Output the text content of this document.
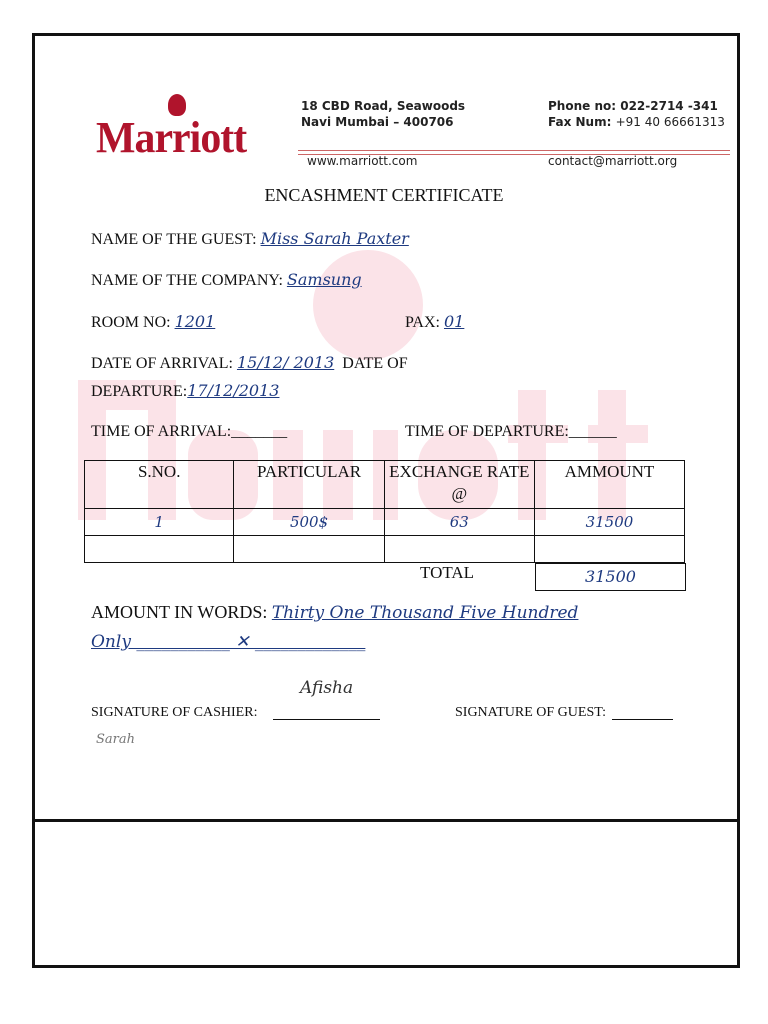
Marriott
18 CBD Road, Seawoods
Navi Mumbai – 400706
Phone no: 022-2714 -341
Fax Num: +91 40 66661313
www.marriott.com	contact@marriott.org
ENCASHMENT CERTIFICATE
NAME OF THE GUEST: Miss Sarah Paxter
NAME OF THE COMPANY: Samsung
ROOM NO: 1201	PAX: 01
DATE OF ARRIVAL: 15/12/ 2013 DATE OF
DEPARTURE:17/12/2013
TIME OF ARRIVAL:_______	TIME OF DEPARTURE:______
S.NO.	PARTICULAR	EXCHANGE RATE @	AMMOUNT
1	500$	63	31500

TOTAL	31500
AMOUNT IN WORDS: Thirty One Thousand Five Hundred
Only ___________ ✕ _____________
Afisha
SIGNATURE OF CASHIER:	SIGNATURE OF GUEST:
Sarah
